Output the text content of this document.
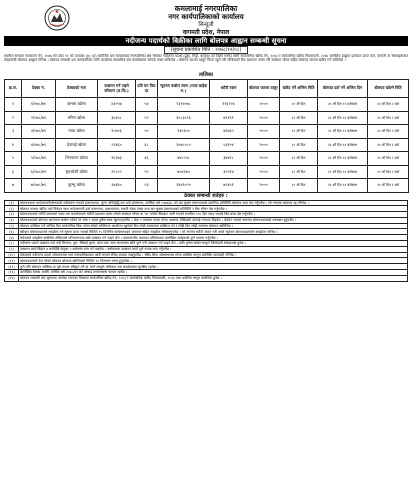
कमलामाई नगरपालिका
नगर कार्यपालिकाको कार्यालय
सिन्धुली
वागमती प्रदेश, नेपाल
नदीजन्य पदार्थको बिक्रीका लागि बोलपत्र आह्वान सम्बन्धी सूचना
(सूचना प्रकाशित मिति : २०७८/१२/०८)
स्थानीय सरकार सञ्चालन ऐन, २०७४ को दफा ११ को उपदफा (४) (ङ) बमोजिम यस कमलामाई नगरपालिका क्षेत्र भित्रका नदीजन्य पदार्थ (ढुङ्गा, गिट्टी, बालुवा) को बिक्री गर्नका लागि सार्वजनिक खरिद ऐन, २०६३ र सार्वजनिक खरिद नियमावली, २०६४ बमोजिम इच्छुक इजाजत प्राप्त फर्म, कम्पनी वा संस्थाहरूबाट मोहरबन्दी बोलपत्र आह्वान गरिन्छ । बोलपत्र सम्बन्धी थप जानकारीका लागि कार्यालय समयभित्र यस कार्यालयमा सम्पर्क राख्न सकिनेछ । बोलपत्र फाराम दस्तुर फिर्ता नहुने गरी तोकिएको बैंक खातामा जम्मा गरी सक्कल भौचर सहित बोलपत्र फाराम खरिद गर्न सकिनेछ ।
तालिका
क्र.सं.	ठेक्का नं.	ठेक्काको नाम	उत्खनन गर्न पाइने परिमाण (घ.फि.)	प्रति घन फिट दर	न्यूनतम कबोल रकम (भ्याट बाहेक रु.)	धरौटी रकम	बोलपत्र फाराम दस्तुर	खरिद गर्ने अन्तिम मिति	बोलपत्र दर्ता गर्ने अन्तिम दिन	बोलपत्र खोल्ने मिति
१	१/०७८/७९	कमला खोला	४३०५७	५४	२३२४०७८	११६२०४	२०००	२१ औं दिन	२२ औं दिन १२ बजेसम्म	२२ औं दिन २ बजे
२	२/०७८/७९	मरिण खोला	३०४५८	५२	१५८३८१६	७९१९१	२०००	२१ औं दिन	२२ औं दिन १२ बजेसम्म	२२ औं दिन २ बजे
३	३/०७८/७९	ग्वाङ खोला	१८७०६	५०	९३५३००	४६७६५	२०००	२१ औं दिन	२२ औं दिन १२ बजेसम्म	२२ औं दिन २ बजे
४	४/०७८/७९	डेउमाई खोला	२२४६०	४८	१०७८०८०	५३९०४	२०००	२१ औं दिन	२२ औं दिन १२ बजेसम्म	२२ औं दिन २ बजे
५	५/०७८/७९	तिनपाटन खोला	१६२७३	४६	७४८५५८	३७४२८	२०००	२१ औं दिन	२२ औं दिन १२ बजेसम्म	२२ औं दिन २ बजे
६	६/०७८/७९	सुनकोशी खोला	१२८०५	५५	७०४२७५	३५२१४	२०००	२१ औं दिन	२२ औं दिन १२ बजेसम्म	२२ औं दिन २ बजे
७	७/०७८/७९	कुम्भु खोला	२७३४०	५३	१४४९०२०	७२४५१	२०००	२१ औं दिन	२२ औं दिन १२ बजेसम्म	२२ औं दिन २ बजे
ठेक्का सम्बन्धी शर्तहरु :
(१)	बोलपत्रदाता फर्म/कम्पनी/संस्थाको नवीकरण भएको इजाजतपत्र, मूल्य अभिवृद्धि कर दर्ता प्रमाणपत्र, आर्थिक वर्ष २०७७/७८ को कर चुक्ता प्रमाणपत्रको प्रमाणित प्रतिलिपि बोलपत्र साथ पेश गर्नुपर्नेछ । सो नभएमा बोलपत्र रद्द गरिनेछ ।

(२)	बोलपत्र फाराम खरिद गर्दा निवेदन साथ फर्म/कम्पनी दर्ता प्रमाणपत्र, इजाजतपत्र, स्थायी लेखा नम्बर तथा कर चुक्ता प्रमाणपत्रको प्रतिलिपि र बैंक भौचर पेश गर्नुपर्नेछ ।

(३)	बोलपत्रदाताले धरौटी बापतको रकम यस कार्यालयको धरौटी खातामा जम्मा गरेको सक्कल भौचर वा 'क' वर्गको बैंकबाट जारी भएको कम्तीमा १५० दिन म्याद भएको बिड बण्ड पेश गर्नुपर्नेछ ।

(४)	बोलपत्रदाताले बोलपत्र फाराममा कबोल गरेको दर अंक र अक्षर दुवैमा स्पष्ट खुलाउनुपर्नेछ । अंक र अक्षरमा फरक परेमा अक्षरमा लेखिएको दरलाई मान्यता दिइनेछ । केरमेट भएको स्थानमा बोलपत्रदाताको दस्तखत हुनुपर्नेछ ।

(५)	बोलपत्र दाखिला गर्ने अन्तिम दिन सार्वजनिक बिदा परेमा सोको भोलिपल्ट कार्यालय खुलेको दिन सोही समयसम्म दाखिला गर्न र सोही दिन सोही समयमा बोलपत्र खोलिनेछ ।

(६)	स्वीकृत बोलपत्रदाताले सम्झौता गर्न सूचना प्राप्त भएको मितिले १५ दिनभित्र कार्यसम्पादन जमानत सहित सम्झौता गरिसक्नुपर्नेछ । सो नगरेमा धरौटी जफत गरी अर्को न्यूनतम बोलपत्रदातासँग सम्झौता गरिनेछ ।

(७)	ठेकेदारले सम्झौता बमोजिम तोकिएको परिमाणभन्दा बढी उत्खनन गर्न पाइने छैन । वातावरणीय अध्ययन प्रतिवेदनमा उल्लेखित शर्तहरुको पूर्ण पालना गर्नुपर्नेछ ।

(८)	नदीजन्य पदार्थ उत्खनन गर्दा नदी किनारा, पुल, सिंचाई कुलो, बाटो तथा अन्य संरचनामा क्षति पुग्ने गरी उत्खनन गर्न पाइने छैन । क्षति पुगेमा सोको सम्पूर्ण जिम्मेवारी ठेकेदारको हुनेछ ।

(९)	उत्खनन कार्य बिहान ७ बजेदेखि बेलुका ५ बजेसम्म मात्र गर्न पाइनेछ । वर्षायाममा उत्खनन कार्य पूर्ण रुपमा बन्द गर्नुपर्नेछ ।

(१०)	ठेकेदारले नदीजन्य पदार्थ ओसारपसार गर्दा नगरपालिकाबाट जारी भएको रसिद साथमा राख्नुपर्नेछ । रसिद बिना ओसारपसार गरेमा प्रचलित कानून बमोजिम कारबाही गरिनेछ ।

(११)	बोलपत्रदाताले पेश गरेको बोलपत्र बोलपत्र खोलिएको मितिले ९० दिनसम्म मान्य हुनुपर्नेछ ।

(१२)	कुनै पनि बोलपत्र आंशिक वा पूर्ण रुपमा स्वीकृत गर्ने वा नगर्ने सम्पूर्ण अधिकार यस कार्यालयमा सुरक्षित रहनेछ ।

(१३)	उल्लेखित ठेक्का अवधि आर्थिक वर्ष २०७८/७९ को आषाढ मसान्तसम्म कायम रहनेछ ।

(१४)	बोलपत्र सम्बन्धी यस सूचनामा उल्लेख नभएका विषयमा सार्वजनिक खरिद ऐन, २०६३ र सार्वजनिक खरिद नियमावली, २०६४ तथा प्रचलित कानून बमोजिम हुनेछ ।
